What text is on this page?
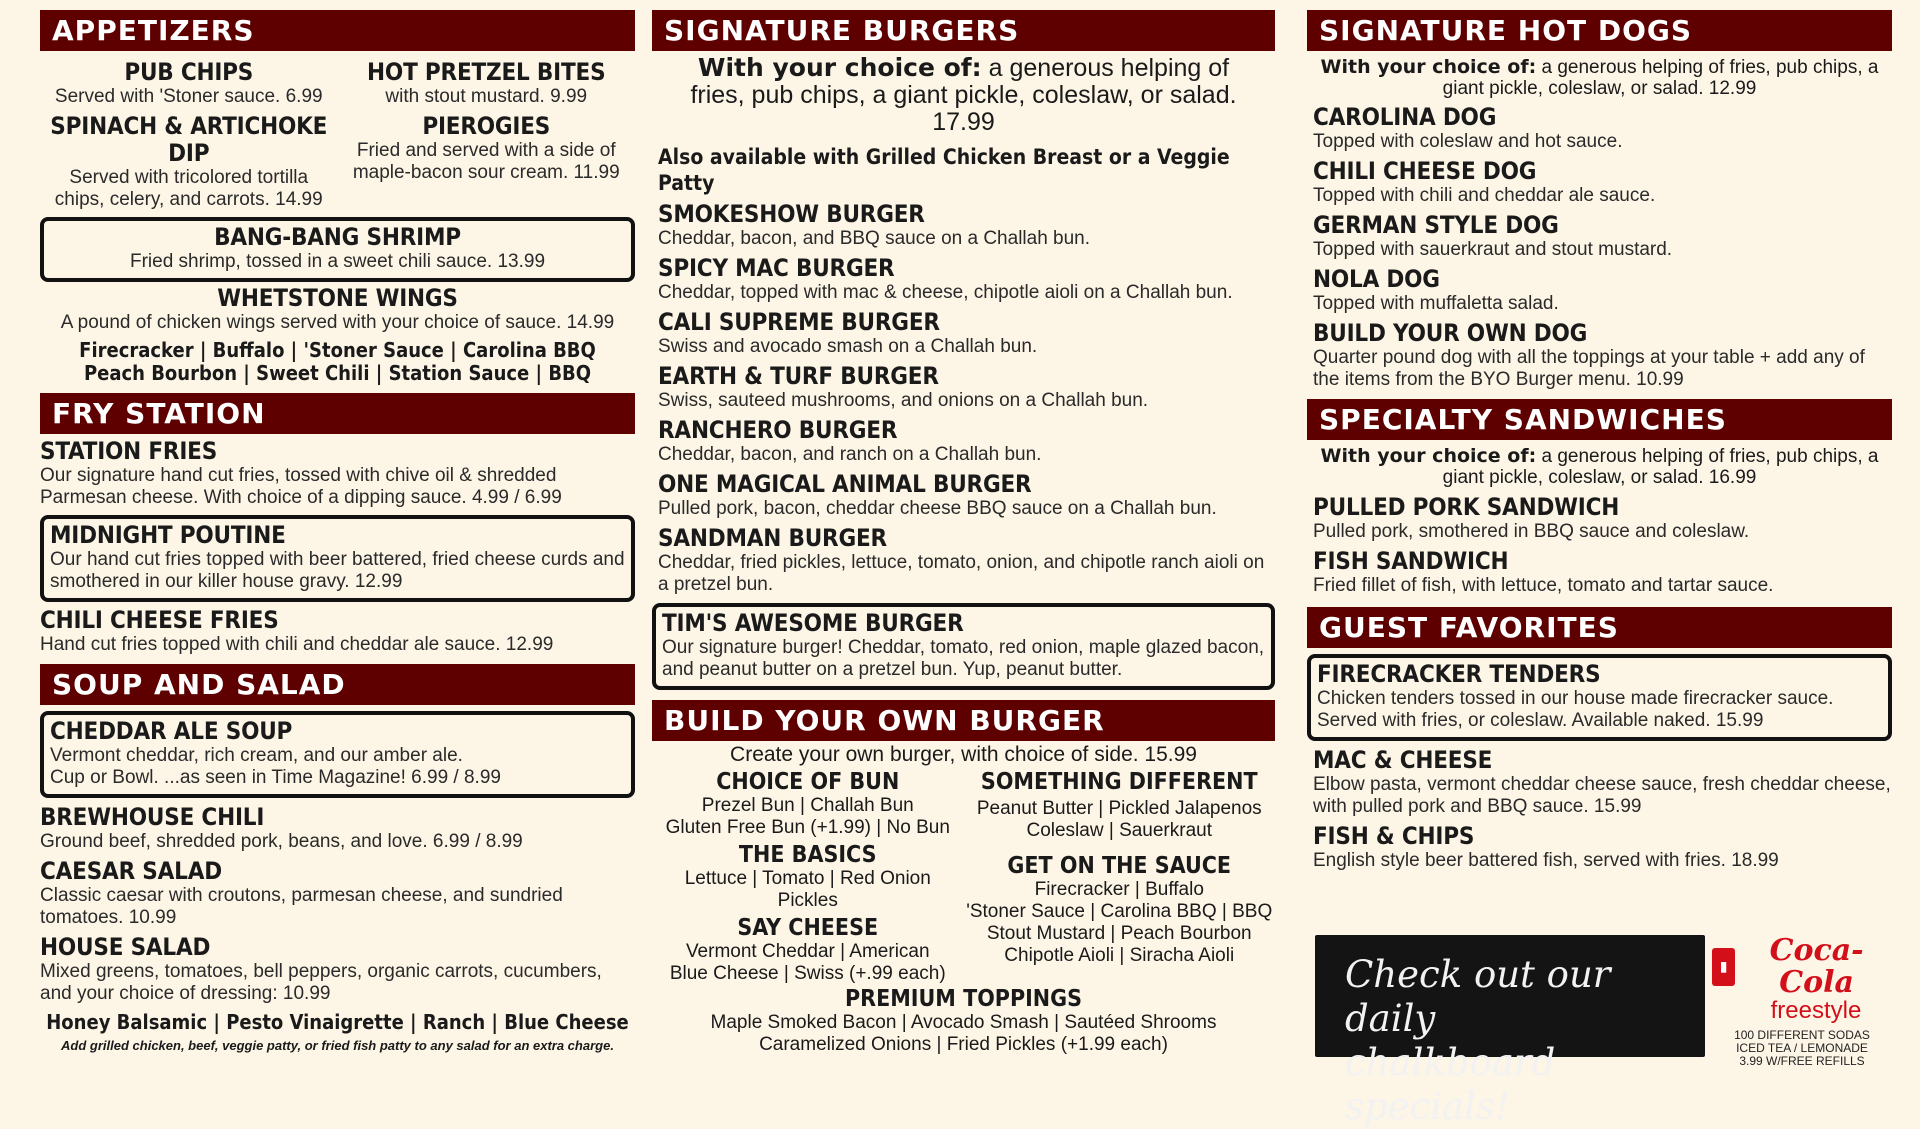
APPETIZERS
PUB CHIPS
Served with 'Stoner sauce. 6.99
HOT PRETZEL BITES
with stout mustard. 9.99
SPINACH & ARTICHOKE DIP
Served with tricolored tortilla chips, celery, and carrots. 14.99
PIEROGIES
Fried and served with a side of maple-bacon sour cream. 11.99
BANG-BANG SHRIMP
Fried shrimp, tossed in a sweet chili sauce. 13.99
WHETSTONE WINGS
A pound of chicken wings served with your choice of sauce. 14.99
Firecracker | Buffalo | 'Stoner Sauce | Carolina BBQ
Peach Bourbon | Sweet Chili | Station Sauce | BBQ
FRY STATION
STATION FRIES
Our signature hand cut fries, tossed with chive oil & shredded Parmesan cheese. With choice of a dipping sauce. 4.99 / 6.99
MIDNIGHT POUTINE
Our hand cut fries topped with beer battered, fried cheese curds and smothered in our killer house gravy. 12.99
CHILI CHEESE FRIES
Hand cut fries topped with chili and cheddar ale sauce. 12.99
SOUP AND SALAD
CHEDDAR ALE SOUP
Vermont cheddar, rich cream, and our amber ale.
Cup or Bowl. ...as seen in Time Magazine! 6.99 / 8.99
BREWHOUSE CHILI
Ground beef, shredded pork, beans, and love. 6.99 / 8.99
CAESAR SALAD
Classic caesar with croutons, parmesan cheese, and sundried tomatoes. 10.99
HOUSE SALAD
Mixed greens, tomatoes, bell peppers, organic carrots, cucumbers, and your choice of dressing: 10.99
Honey Balsamic | Pesto Vinaigrette | Ranch | Blue Cheese
Add grilled chicken, beef, veggie patty, or fried fish patty to any salad for an extra charge.
SIGNATURE BURGERS
With your choice of: a generous helping of fries, pub chips, a giant pickle, coleslaw, or salad. 17.99
Also available with Grilled Chicken Breast or a Veggie Patty
SMOKESHOW BURGER
Cheddar, bacon, and BBQ sauce on a Challah bun.
SPICY MAC BURGER
Cheddar, topped with mac & cheese, chipotle aioli on a Challah bun.
CALI SUPREME BURGER
Swiss and avocado smash on a Challah bun.
EARTH & TURF BURGER
Swiss, sauteed mushrooms, and onions on a Challah bun.
RANCHERO BURGER
Cheddar, bacon, and ranch on a Challah bun.
ONE MAGICAL ANIMAL BURGER
Pulled pork, bacon, cheddar cheese BBQ sauce on a Challah bun.
SANDMAN BURGER
Cheddar, fried pickles, lettuce, tomato, onion, and chipotle ranch aioli on a pretzel bun.
TIM'S AWESOME BURGER
Our signature burger! Cheddar, tomato, red onion, maple glazed bacon, and peanut butter on a pretzel bun. Yup, peanut butter.
BUILD YOUR OWN BURGER
Create your own burger, with choice of side. 15.99
CHOICE OF BUN
Prezel Bun | Challah Bun
Gluten Free Bun (+1.99) | No Bun
THE BASICS
Lettuce | Tomato | Red Onion
Pickles
SAY CHEESE
Vermont Cheddar | American
Blue Cheese | Swiss (+.99 each)
SOMETHING DIFFERENT
Peanut Butter | Pickled Jalapenos
Coleslaw | Sauerkraut
GET ON THE SAUCE
Firecracker | Buffalo
'Stoner Sauce | Carolina BBQ | BBQ
Stout Mustard | Peach Bourbon
Chipotle Aioli | Siracha Aioli
PREMIUM TOPPINGS
Maple Smoked Bacon | Avocado Smash | Sautéed Shrooms
Caramelized Onions | Fried Pickles (+1.99 each)
SIGNATURE HOT DOGS
With your choice of: a generous helping of fries, pub chips, a giant pickle, coleslaw, or salad. 12.99
CAROLINA DOG
Topped with coleslaw and hot sauce.
CHILI CHEESE DOG
Topped with chili and cheddar ale sauce.
GERMAN STYLE DOG
Topped with sauerkraut and stout mustard.
NOLA DOG
Topped with muffaletta salad.
BUILD YOUR OWN DOG
Quarter pound dog with all the toppings at your table + add any of the items from the BYO Burger menu. 10.99
SPECIALTY SANDWICHES
With your choice of: a generous helping of fries, pub chips, a giant pickle, coleslaw, or salad. 16.99
PULLED PORK SANDWICH
Pulled pork, smothered in BBQ sauce and coleslaw.
FISH SANDWICH
Fried fillet of fish, with lettuce, tomato and tartar sauce.
GUEST FAVORITES
FIRECRACKER TENDERS
Chicken tenders tossed in our house made firecracker sauce. Served with fries, or coleslaw. Available naked. 15.99
MAC & CHEESE
Elbow pasta, vermont cheddar cheese sauce, fresh cheddar cheese, with pulled pork and BBQ sauce. 15.99
FISH & CHIPS
English style beer battered fish, served with fries. 18.99
Check out our daily
chalkboard specials!
▮	Coca-Cola
freestyle
100 DIFFERENT SODAS
ICED TEA / LEMONADE
3.99 W/FREE REFILLS
